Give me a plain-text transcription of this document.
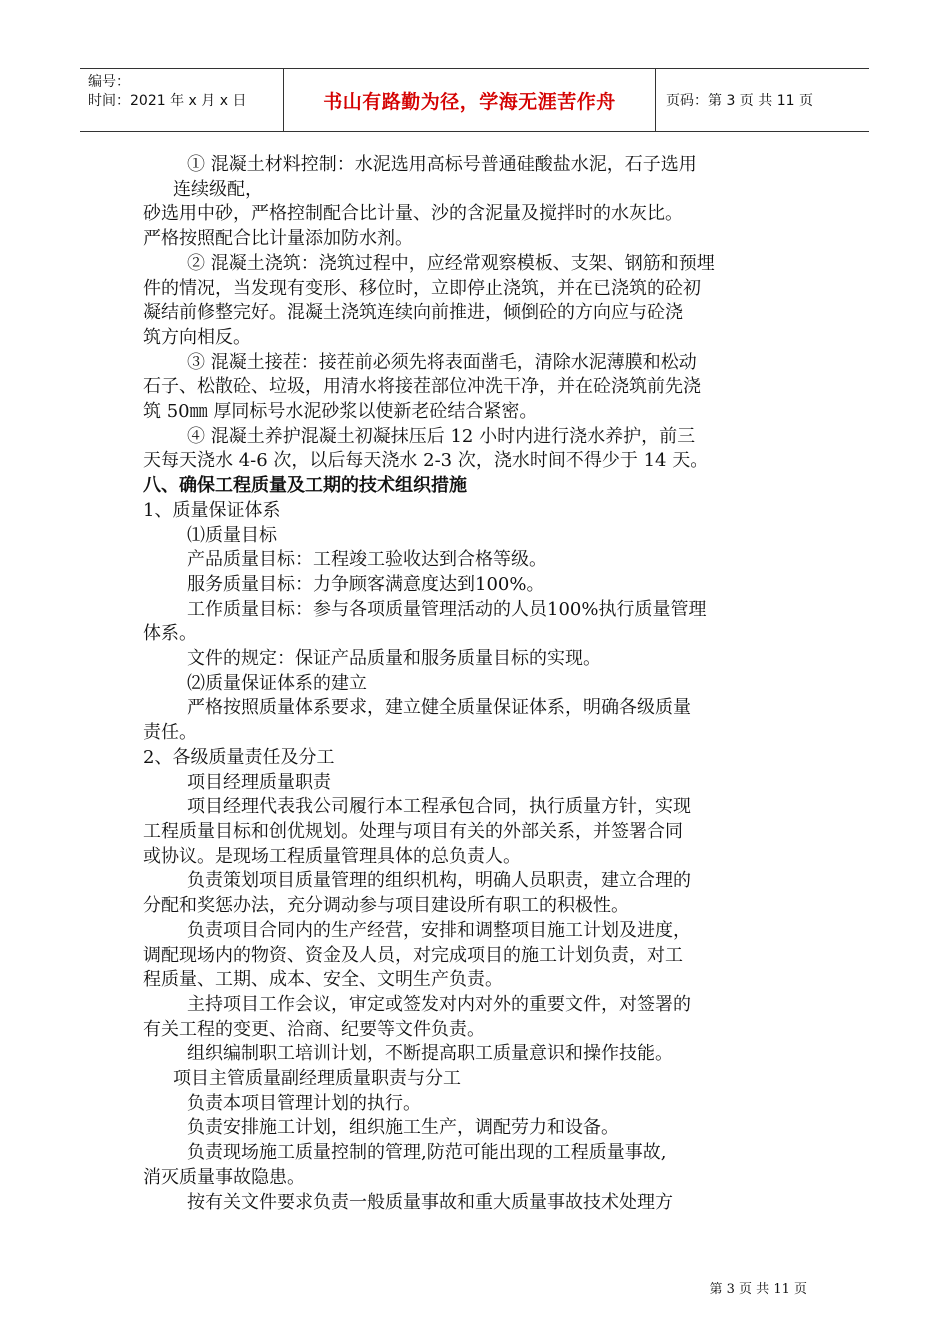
编号：
时间：2021 年 x 月 x 日	书山有路勤为径，学海无涯苦作舟	页码：第 3 页 共 11 页

① 混凝土材料控制：水泥选用高标号普通硅酸盐水泥，石子选用

连续级配，

砂选用中砂，严格控制配合比计量、沙的含泥量及搅拌时的水灰比。

严格按照配合比计量添加防水剂。

② 混凝土浇筑：浇筑过程中，应经常观察模板、支架、钢筋和预埋

件的情况，当发现有变形、移位时，立即停止浇筑，并在已浇筑的砼初

凝结前修整完好。混凝土浇筑连续向前推进，倾倒砼的方向应与砼浇

筑方向相反。

③ 混凝土接茬：接茬前必须先将表面凿毛，清除水泥薄膜和松动

石子、松散砼、垃圾，用清水将接茬部位冲洗干净，并在砼浇筑前先浇

筑 50㎜ 厚同标号水泥砂浆以使新老砼结合紧密。

④ 混凝土养护混凝土初凝抹压后 12 小时内进行浇水养护，前三

天每天浇水 4-6 次，以后每天浇水 2-3 次，浇水时间不得少于 14 天。

八、确保工程质量及工期的技术组织措施

1、质量保证体系

⑴质量目标

产品质量目标：工程竣工验收达到合格等级。

服务质量目标：力争顾客满意度达到100%。

工作质量目标：参与各项质量管理活动的人员100%执行质量管理

体系。

文件的规定：保证产品质量和服务质量目标的实现。

⑵质量保证体系的建立

严格按照质量体系要求，建立健全质量保证体系，明确各级质量

责任。

2、各级质量责任及分工

项目经理质量职责

项目经理代表我公司履行本工程承包合同，执行质量方针，实现

工程质量目标和创优规划。处理与项目有关的外部关系，并签署合同

或协议。是现场工程质量管理具体的总负责人。

负责策划项目质量管理的组织机构，明确人员职责，建立合理的

分配和奖惩办法，充分调动参与项目建设所有职工的积极性。

负责项目合同内的生产经营，安排和调整项目施工计划及进度，

调配现场内的物资、资金及人员，对完成项目的施工计划负责，对工

程质量、工期、成本、安全、文明生产负责。

主持项目工作会议，审定或签发对内对外的重要文件，对签署的

有关工程的变更、洽商、纪要等文件负责。

组织编制职工培训计划，不断提高职工质量意识和操作技能。

项目主管质量副经理质量职责与分工

负责本项目管理计划的执行。

负责安排施工计划，组织施工生产，调配劳力和设备。

负责现场施工质量控制的管理,防范可能出现的工程质量事故,

消灭质量事故隐患。

按有关文件要求负责一般质量事故和重大质量事故技术处理方

第 3 页 共 11 页
